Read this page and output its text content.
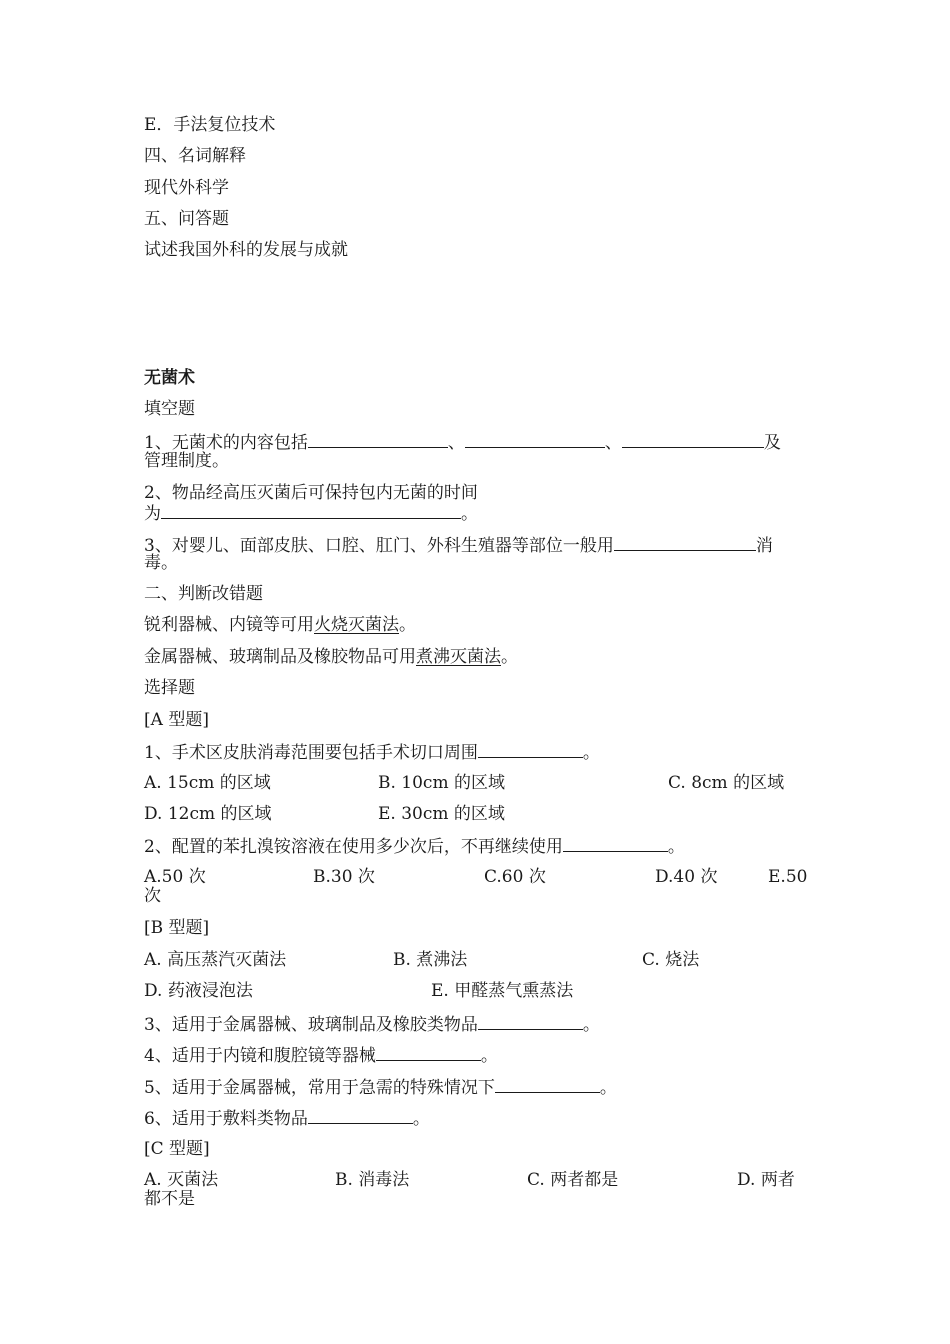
E．手法复位技术
四、名词解释
现代外科学
五、问答题
试述我国外科的发展与成就
无菌术
填空题
1、无菌术的内容包括	、	、	及
管理制度。
2、物品经高压灭菌后可保持包内无菌的时间
为	。
3、对婴儿、面部皮肤、口腔、肛门、外科生殖器等部位一般用	消
毒。
二、判断改错题
锐利器械、内镜等可用火烧灭菌法。
金属器械、玻璃制品及橡胶物品可用煮沸灭菌法。
选择题
[A 型题]
1、手术区皮肤消毒范围要包括手术切口周围	。
A. 15cm 的区域	B. 10cm 的区域	C. 8cm 的区域
D. 12cm 的区域	E. 30cm 的区域
2、配置的苯扎溴铵溶液在使用多少次后，不再继续使用	。
A.50 次	B.30 次	C.60 次	D.40 次	E.50
次
[B 型题]
A. 高压蒸汽灭菌法	B. 煮沸法	C. 烧法
D. 药液浸泡法	E. 甲醛蒸气熏蒸法
3、适用于金属器械、玻璃制品及橡胶类物品	。
4、适用于内镜和腹腔镜等器械	。
5、适用于金属器械，常用于急需的特殊情况下	。
6、适用于敷料类物品	。
[C 型题]
A. 灭菌法	B. 消毒法	C. 两者都是	D. 两者
都不是
